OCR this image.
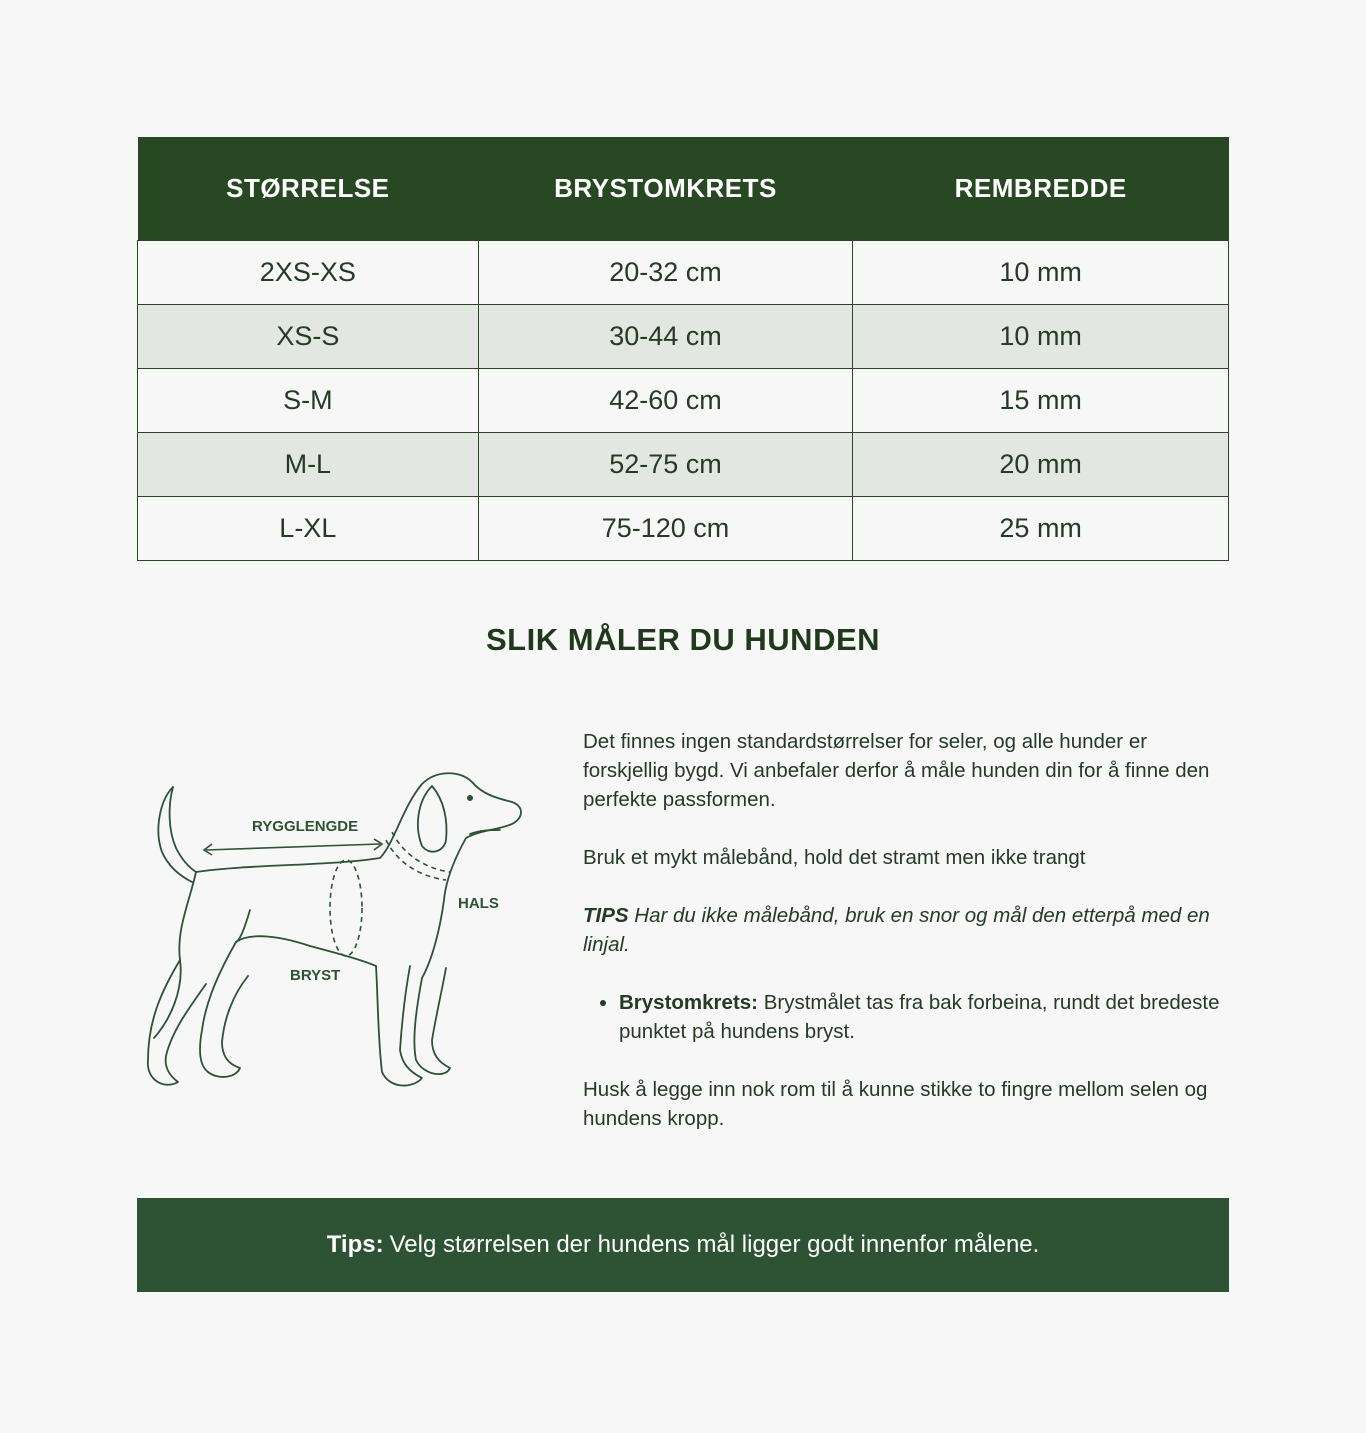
STØRRELSE	BRYSTOMKRETS	REMBREDDE
2XS-XS	20-32 cm	10 mm
XS-S	30-44 cm	10 mm
S-M	42-60 cm	15 mm
M-L	52-75 cm	20 mm
L-XL	75-120 cm	25 mm
SLIK MÅLER DU HUNDEN
RYGGLENGDE
HALS
BRYST

Det finnes ingen standardstørrelser for seler, og alle hunder er forskjellig bygd. Vi anbefaler derfor å måle hunden din for å finne den perfekte passformen.

Bruk et mykt målebånd, hold det stramt men ikke trangt

TIPS Har du ikke målebånd, bruk en snor og mål den etterpå med en linjal.

• Brystomkrets: Brystmålet tas fra bak forbeina, rundt det bredeste punktet på hundens bryst.

Husk å legge inn nok rom til å kunne stikke to fingre mellom selen og hundens kropp.

Tips: Velg størrelsen der hundens mål ligger godt innenfor målene.
